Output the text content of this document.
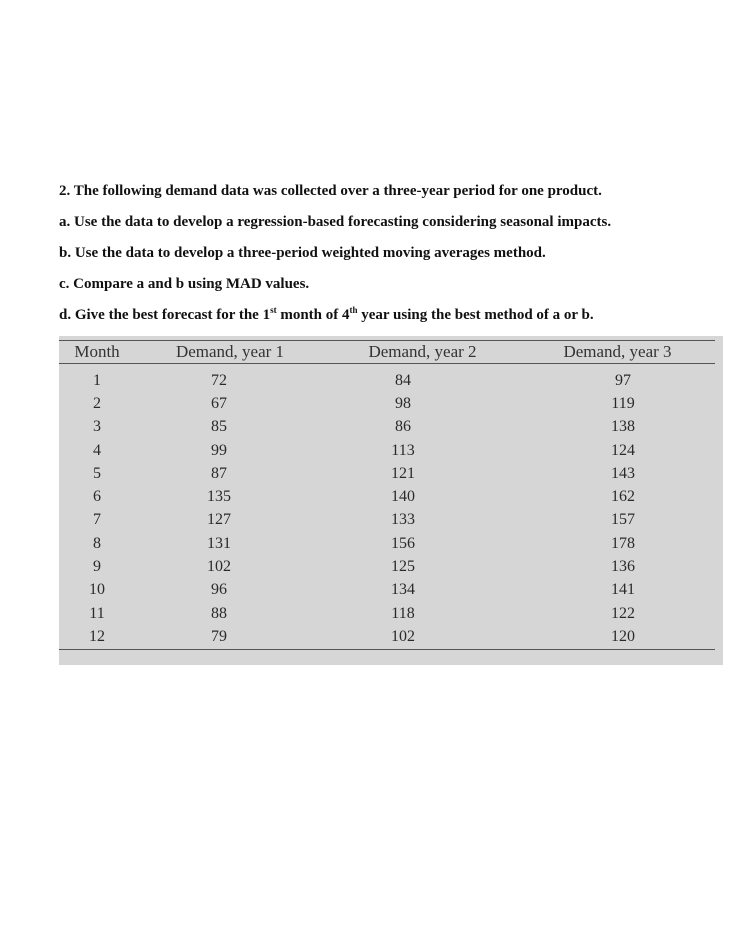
2. The following demand data was collected over a three-year period for one product.
a. Use the data to develop a regression-based forecasting considering seasonal impacts.
b. Use the data to develop a three-period weighted moving averages method.
c. Compare a and b using MAD values.
d. Give the best forecast for the 1st month of 4th year using the best method of a or b.
Month	Demand, year 1	Demand, year 2	Demand, year 3
1	72	84	97
2	67	98	119
3	85	86	138
4	99	113	124
5	87	121	143
6	135	140	162
7	127	133	157
8	131	156	178
9	102	125	136
10	96	134	141
11	88	118	122
12	79	102	120
